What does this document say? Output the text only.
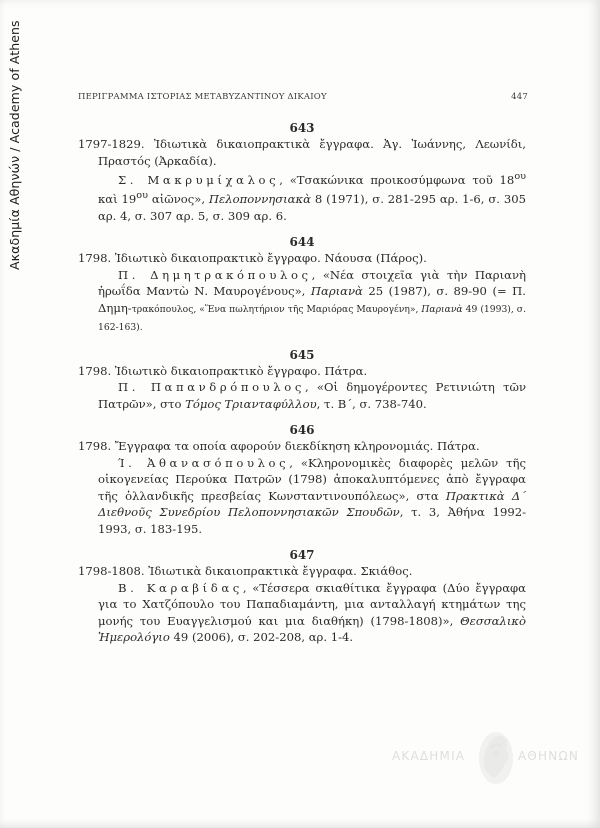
Ακαδημία Αθηνών / Academy of Athens	ΠΕΡΙΓΡΑΜΜΑ ΙΣΤΟΡΙΑΣ ΜΕΤΑΒΥΖΑΝΤΙΝΟΥ ΔΙΚΑΙΟΥ	447

643

1797-1829. Ἰδιωτικὰ δικαιοπρακτικὰ ἔγγραφα. Ἀγ. Ἰωάννης, Λεωνίδι, Πραστός (Ἀρκαδία).

Σ. Μακρυμίχαλος, «Τσακώνικα προικοσύμφωνα τοῦ $18^{o\upsilon}$ καὶ $19^{o\upsilon}$ αἰῶνος», Πελοποννησιακὰ 8 (1971), σ. 281-295 αρ. 1-6, σ. 305 αρ. 4, σ. 307 αρ. 5, σ. 309 αρ. 6.

644

1798. Ἰδιωτικὸ δικαιοπρακτικὸ ἔγγραφο. Νάουσα (Πάρος).

Π. Δημητρακόπουλος, «Νέα στοιχεῖα γιὰ τὴν Παριανὴ ἡρωΐδα Μαντὼ Ν. Μαυρογένους», Παριανὰ 25 (1987), σ. 89-90 (= Π. Δημη-τρακόπουλος, «Ἕνα πωλητήριον τῆς Μαριόρας Μαυρογένη», Παριανὰ 49 (1993), σ. 162-163).

645

1798. Ἰδιωτικὸ δικαιοπρακτικὸ ἔγγραφο. Πάτρα.

Π. Παπανδρόπουλος, «Οἱ δημογέροντες Ρετινιώτη τῶν Πατρῶν», στο Τόμος Τριανταφύλλου, τ. Β΄, σ. 738-740.

646

1798. Ἔγγραφα τα οποία αφορούν διεκδίκηση κληρονομιάς. Πάτρα.

Ί. Ἀθανασόπουλος, «Κληρονομικὲς διαφορὲς μελῶν τῆς οἰκογενείας Περούκα Πατρῶν (1798) ἀποκαλυπτόμενες ἀπὸ ἔγγραφα τῆς ὀλλανδικῆς πρεσβείας Κωνσταντινουπόλεως», στα Πρακτικὰ Δ΄ Διεθνοῦς Συνεδρίου Πελοποννησιακῶν Σπουδῶν, τ. 3, Ἀθήνα 1992-1993, σ. 183-195.

647

1798-1808. Ἰδιωτικὰ δικαιοπρακτικὰ ἔγγραφα. Σκιάθος.

Β. Καραβίδας, «Τέσσερα σκιαθίτικα ἔγγραφα (Δύο ἔγγραφα για το Χατζόπουλο του Παπαδιαμάντη, μια ανταλλαγή κτημάτων της μονής του Ευαγγελισμού και μια διαθήκη) (1798-1808)», Θεσσαλικὸ Ἡμερολόγιο 49 (2006), σ. 202-208, αρ. 1-4.

ΑΚΑΔΗΜΙΑ	ΑΘΗΝΩΝ
